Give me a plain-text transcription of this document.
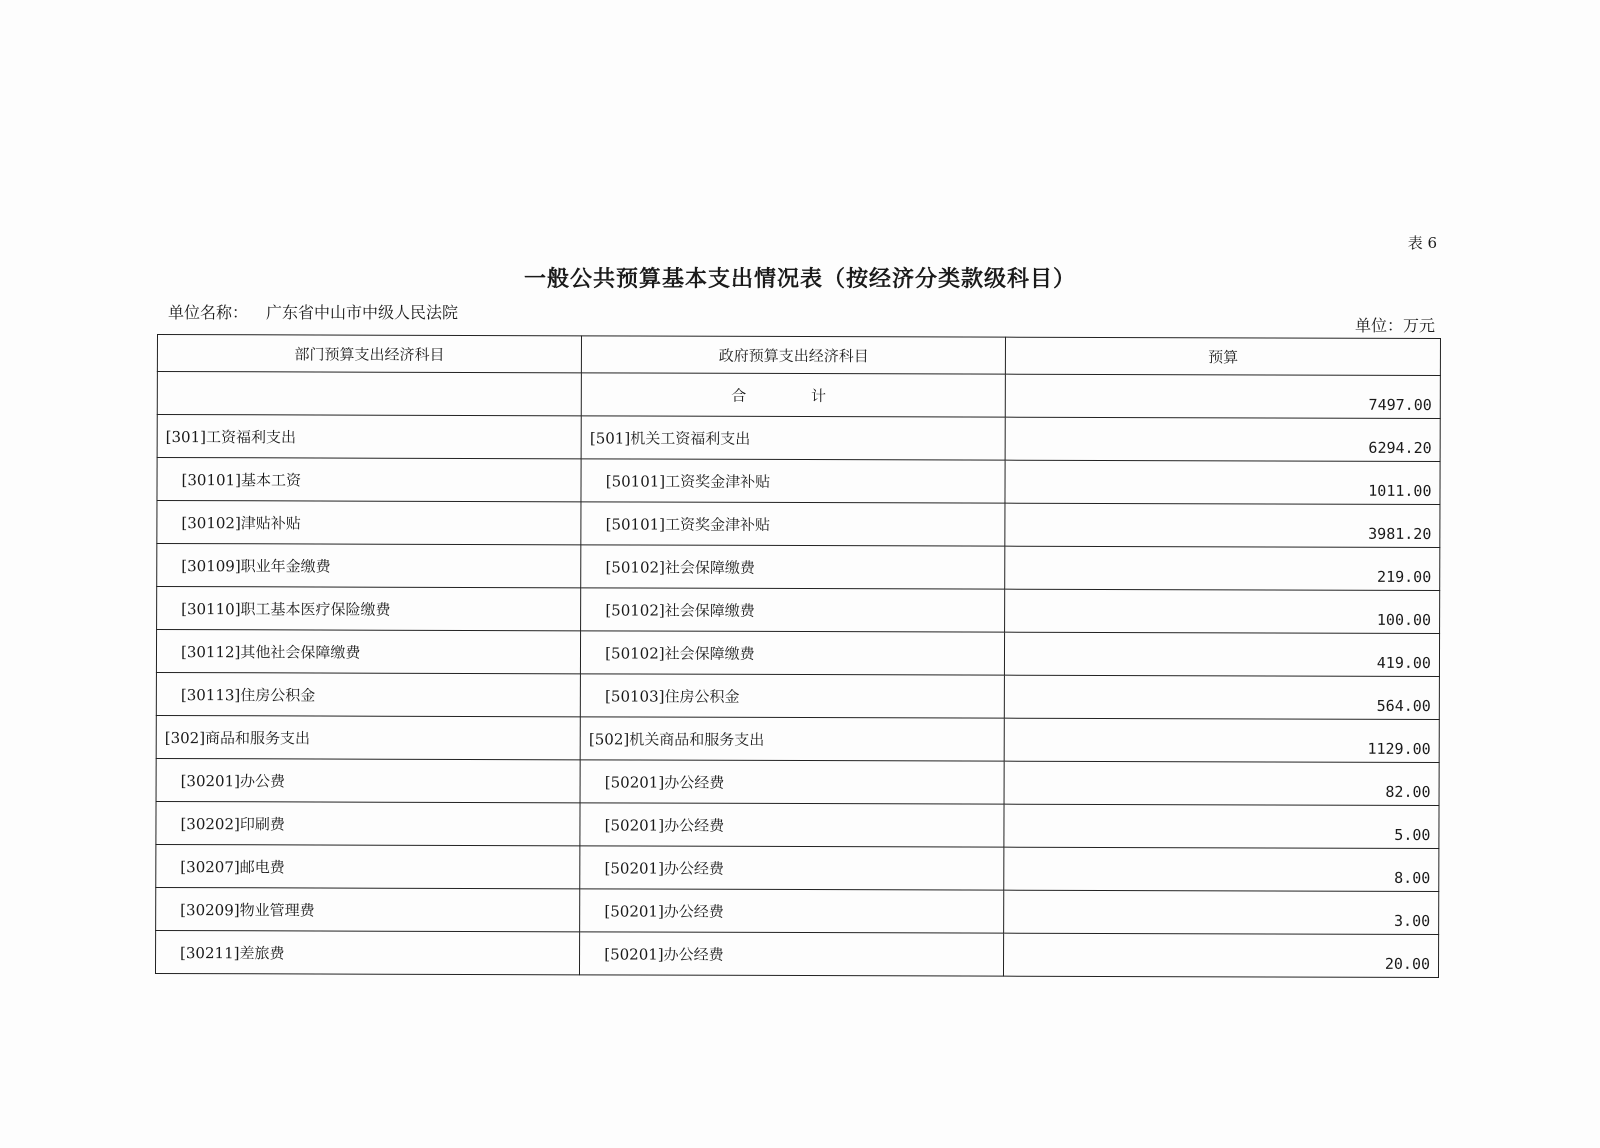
表 6
一般公共预算基本支出情况表（按经济分类款级科目）
单位名称： 广东省中山市中级人民法院
单位：万元
部门预算支出经济科目	政府预算支出经济科目	预算
	合 计	7497.00
[301]工资福利支出	[501]机关工资福利支出	6294.20
[30101]基本工资	[50101]工资奖金津补贴	1011.00
[30102]津贴补贴	[50101]工资奖金津补贴	3981.20
[30109]职业年金缴费	[50102]社会保障缴费	219.00
[30110]职工基本医疗保险缴费	[50102]社会保障缴费	100.00
[30112]其他社会保障缴费	[50102]社会保障缴费	419.00
[30113]住房公积金	[50103]住房公积金	564.00
[302]商品和服务支出	[502]机关商品和服务支出	1129.00
[30201]办公费	[50201]办公经费	82.00
[30202]印刷费	[50201]办公经费	5.00
[30207]邮电费	[50201]办公经费	8.00
[30209]物业管理费	[50201]办公经费	3.00
[30211]差旅费	[50201]办公经费	20.00
